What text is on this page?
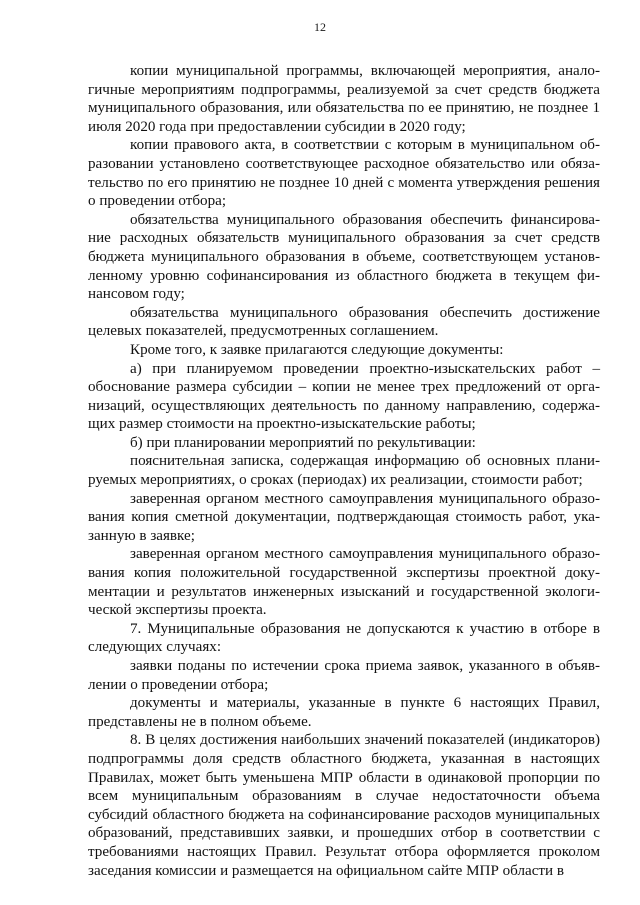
12

копии муниципальной программы, включающей мероприятия, аналогичные мероприятиям подпрограммы, реализуемой за счет средств бюджета муниципального образования, или обязательства по ее принятию, не позднее 1 июля 2020 года при предоставлении субсидии в 2020 году;

копии правового акта, в соответствии с которым в муниципальном образовании установлено соответствующее расходное обязательство или обязательство по его принятию не позднее 10 дней с момента утверждения решения о проведении отбора;

обязательства муниципального образования обеспечить финансирование расходных обязательств муниципального образования за счет средств бюджета муниципального образования в объеме, соответствующем установленному уровню софинансирования из областного бюджета в текущем финансовом году;

обязательства муниципального образования обеспечить достижение целевых показателей, предусмотренных соглашением.

Кроме того, к заявке прилагаются следующие документы:

а) при планируемом проведении проектно-изыскательских работ – обоснование размера субсидии – копии не менее трех предложений от организаций, осуществляющих деятельность по данному направлению, содержащих размер стоимости на проектно-изыскательские работы;

б) при планировании мероприятий по рекультивации:

пояснительная записка, содержащая информацию об основных планируемых мероприятиях, о сроках (периодах) их реализации, стоимости работ;

заверенная органом местного самоуправления муниципального образования копия сметной документации, подтверждающая стоимость работ, указанную в заявке;

заверенная органом местного самоуправления муниципального образования копия положительной государственной экспертизы проектной документации и результатов инженерных изысканий и государственной экологической экспертизы проекта.

7. Муниципальные образования не допускаются к участию в отборе в следующих случаях:

заявки поданы по истечении срока приема заявок, указанного в объявлении о проведении отбора;

документы и материалы, указанные в пункте 6 настоящих Правил, представлены не в полном объеме.

8. В целях достижения наибольших значений показателей (индикаторов) подпрограммы доля средств областного бюджета, указанная в настоящих Правилах, может быть уменьшена МПР области в одинаковой пропорции по всем муниципальным образованиям в случае недостаточности объема субсидий областного бюджета на софинансирование расходов муниципальных образований, представивших заявки, и прошедших отбор в соответствии с требованиями настоящих Правил. Результат отбора оформляется проколом заседания комиссии и размещается на официальном сайте МПР области в
